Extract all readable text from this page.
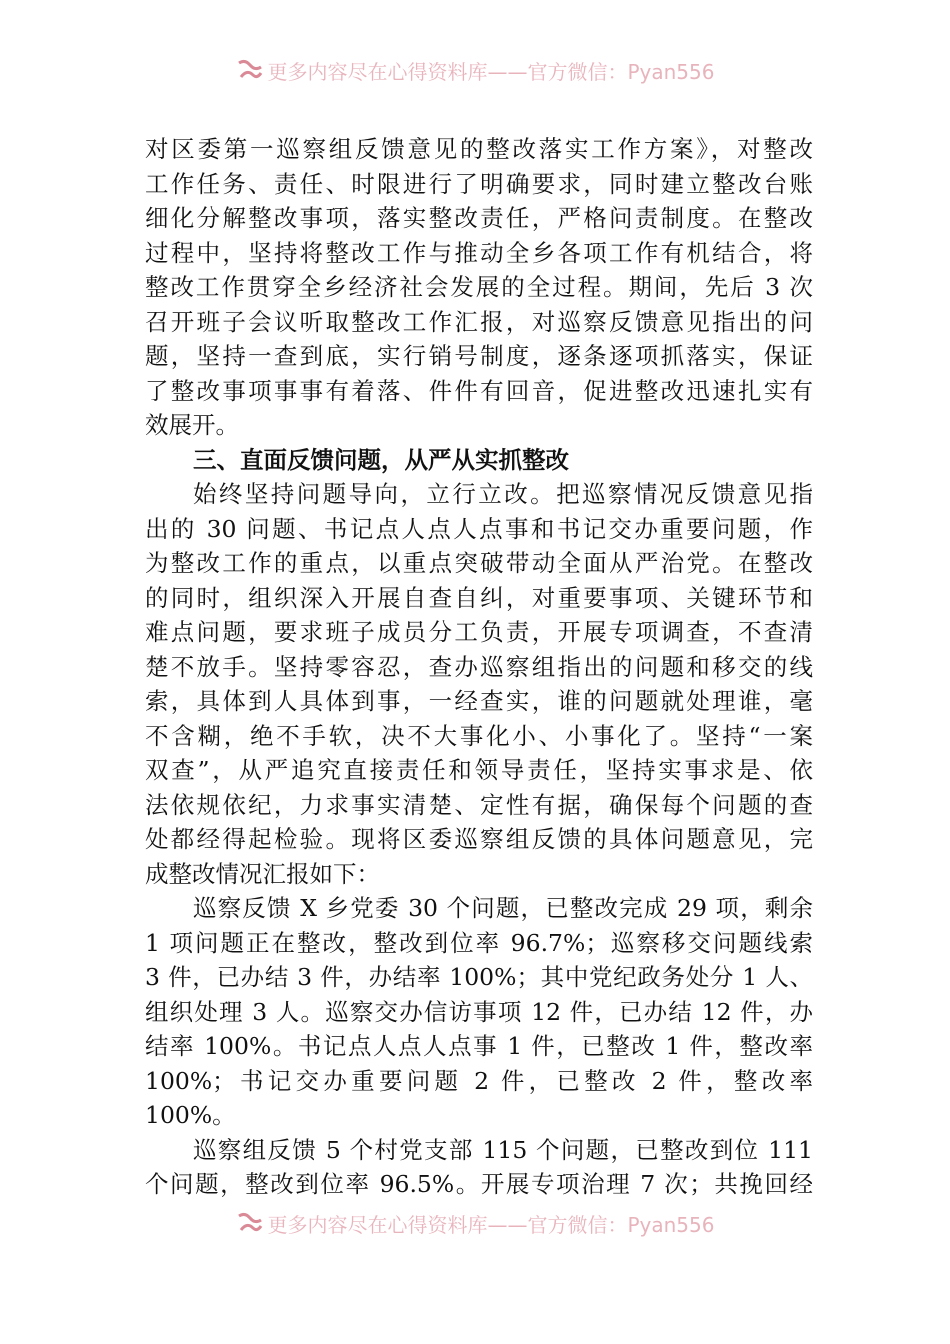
更多内容尽在心得资料库——官方微信：Pyan556
对区委第一巡察组反馈意见的整改落实工作方案》，对整改
工作任务、责任、时限进行了明确要求，同时建立整改台账
细化分解整改事项，落实整改责任，严格问责制度。在整改
过程中，坚持将整改工作与推动全乡各项工作有机结合，将
整改工作贯穿全乡经济社会发展的全过程。期间，先后 3 次
召开班子会议听取整改工作汇报，对巡察反馈意见指出的问
题，坚持一查到底，实行销号制度，逐条逐项抓落实，保证
了整改事项事事有着落、件件有回音，促进整改迅速扎实有
效展开。
三、直面反馈问题，从严从实抓整改
始终坚持问题导向，立行立改。把巡察情况反馈意见指
出的 30 问题、书记点人点人点事和书记交办重要问题，作
为整改工作的重点，以重点突破带动全面从严治党。在整改
的同时，组织深入开展自查自纠，对重要事项、关键环节和
难点问题，要求班子成员分工负责，开展专项调查，不查清
楚不放手。坚持零容忍，查办巡察组指出的问题和移交的线
索，具体到人具体到事，一经查实，谁的问题就处理谁，毫
不含糊，绝不手软，决不大事化小、小事化了。坚持“一案
双查”，从严追究直接责任和领导责任，坚持实事求是、依
法依规依纪，力求事实清楚、定性有据，确保每个问题的查
处都经得起检验。现将区委巡察组反馈的具体问题意见，完
成整改情况汇报如下：
巡察反馈 X 乡党委 30 个问题，已整改完成 29 项，剩余
1 项问题正在整改，整改到位率 96.7%；巡察移交问题线索
3 件，已办结 3 件，办结率 100%；其中党纪政务处分 1 人、
组织处理 3 人。巡察交办信访事项 12 件，已办结 12 件，办
结率 100%。书记点人点人点事 1 件，已整改 1 件，整改率
100%；书记交办重要问题 2 件，已整改 2 件，整改率
100%。
巡察组反馈 5 个村党支部 115 个问题，已整改到位 111
个问题，整改到位率 96.5%。开展专项治理 7 次；共挽回经
更多内容尽在心得资料库——官方微信：Pyan556
